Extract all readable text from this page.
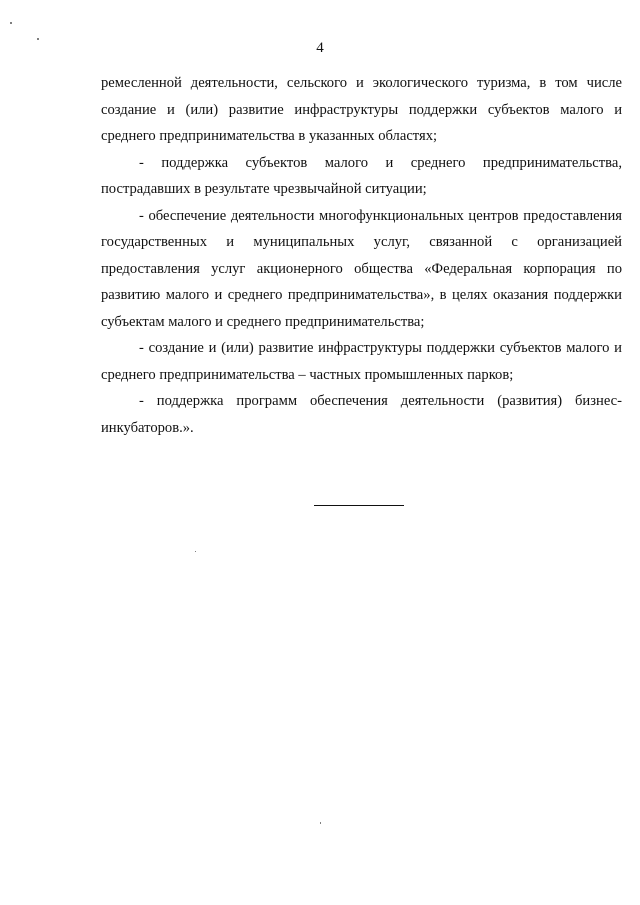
4

ремесленной деятельности, сельского и экологического туризма, в том числе создание и (или) развитие инфраструктуры поддержки субъектов малого и среднего предпринимательства в указанных областях;

- поддержка субъектов малого и среднего предпринимательства, пострадавших в результате чрезвычайной ситуации;

- обеспечение деятельности многофункциональных центров предоставления государственных и муниципальных услуг, связанной с организацией предоставления услуг акционерного общества «Федеральная корпорация по развитию малого и среднего предпринимательства», в целях оказания поддержки субъектам малого и среднего предпринимательства;

- создание и (или) развитие инфраструктуры поддержки субъектов малого и среднего предпринимательства – частных промышленных парков;

- поддержка программ обеспечения деятельности (развития) бизнес-инкубаторов.».
